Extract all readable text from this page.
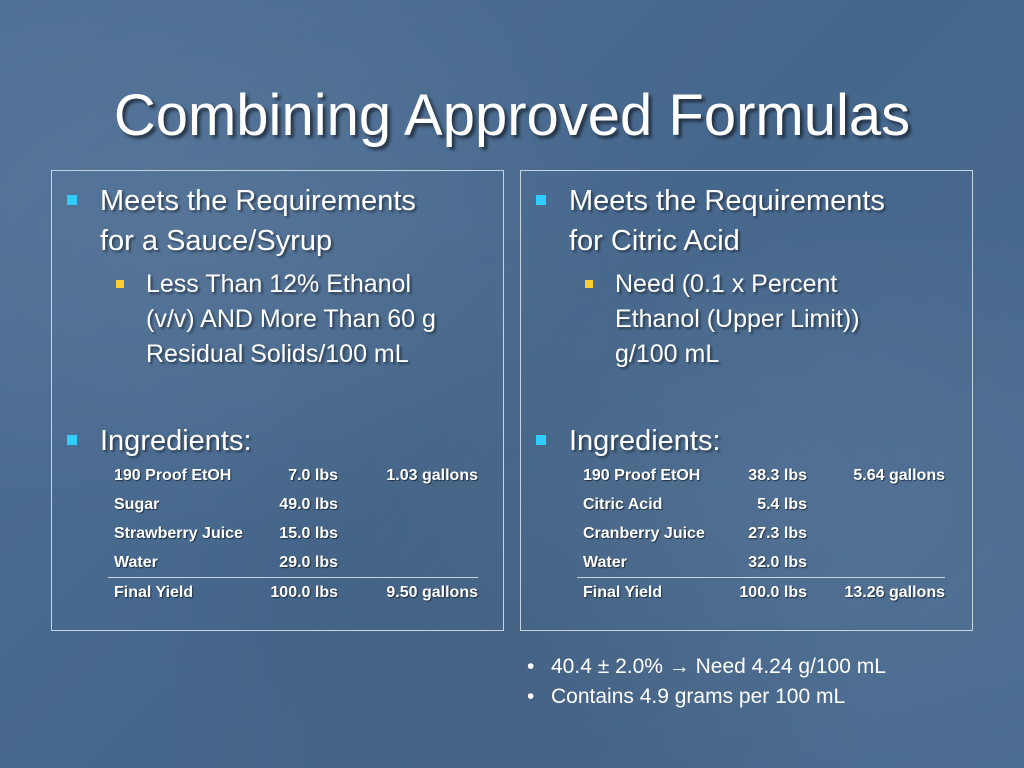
Combining Approved Formulas
Meets the Requirements
for a Sauce/Syrup
Less Than 12% Ethanol
(v/v) AND More Than 60 g
Residual Solids/100 mL
Ingredients:
190 Proof EtOH	7.0 lbs	1.03 gallons
Sugar	49.0 lbs	
Strawberry Juice	15.0 lbs	
Water	29.0 lbs	
Final Yield	100.0 lbs	9.50 gallons
Meets the Requirements
for Citric Acid
Need (0.1 x Percent
Ethanol (Upper Limit))
g/100 mL
Ingredients:
190 Proof EtOH	38.3 lbs	5.64 gallons
Citric Acid	5.4 lbs	
Cranberry Juice	27.3 lbs	
Water	32.0 lbs	
Final Yield	100.0 lbs	13.26 gallons
• 40.4 ± 2.0% → Need 4.24 g/100 mL
• Contains 4.9 grams per 100 mL
